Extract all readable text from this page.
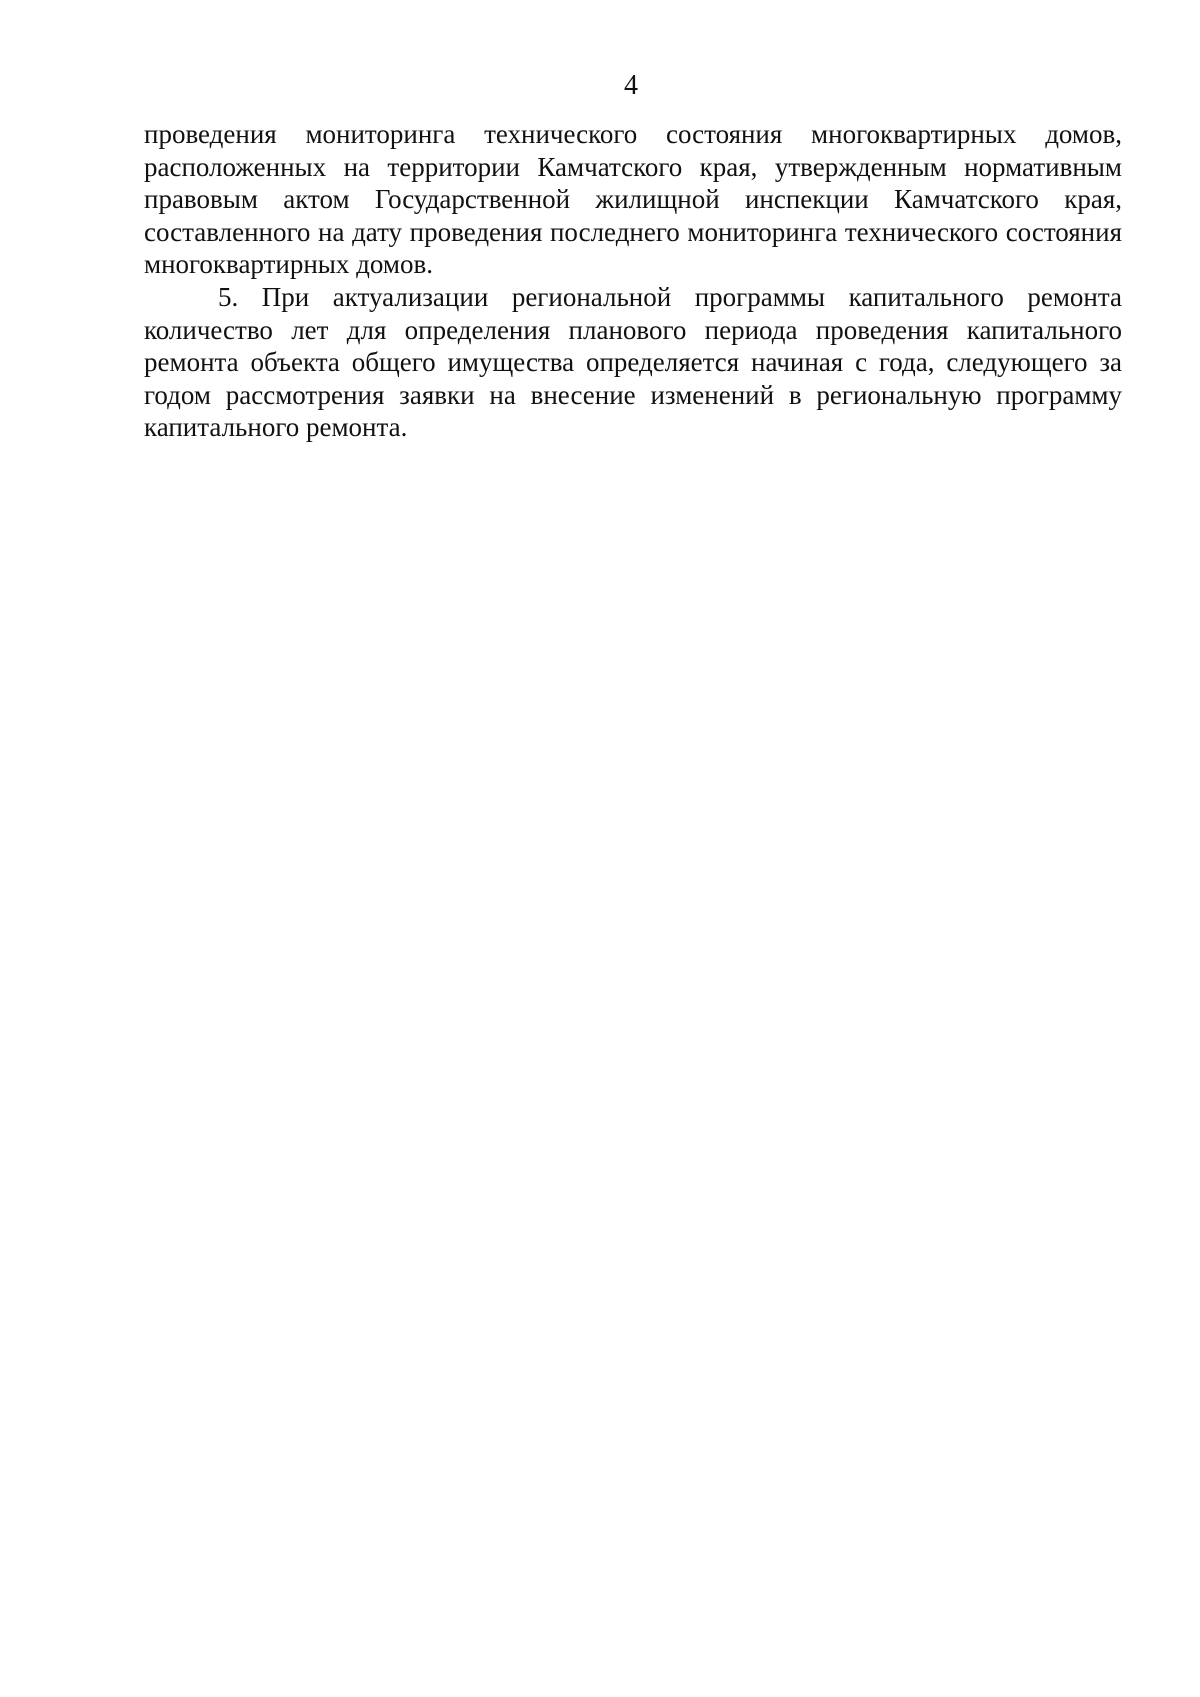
4

проведения мониторинга технического состояния многоквартирных домов, расположенных на территории Камчатского края, утвержденным нормативным правовым актом Государственной жилищной инспекции Камчатского края, составленного на дату проведения последнего мониторинга технического состояния многоквартирных домов.

5. При актуализации региональной программы капитального ремонта количество лет для определения планового периода проведения капитального ремонта объекта общего имущества определяется начиная с года, следующего за годом рассмотрения заявки на внесение изменений в региональную программу капитального ремонта.
